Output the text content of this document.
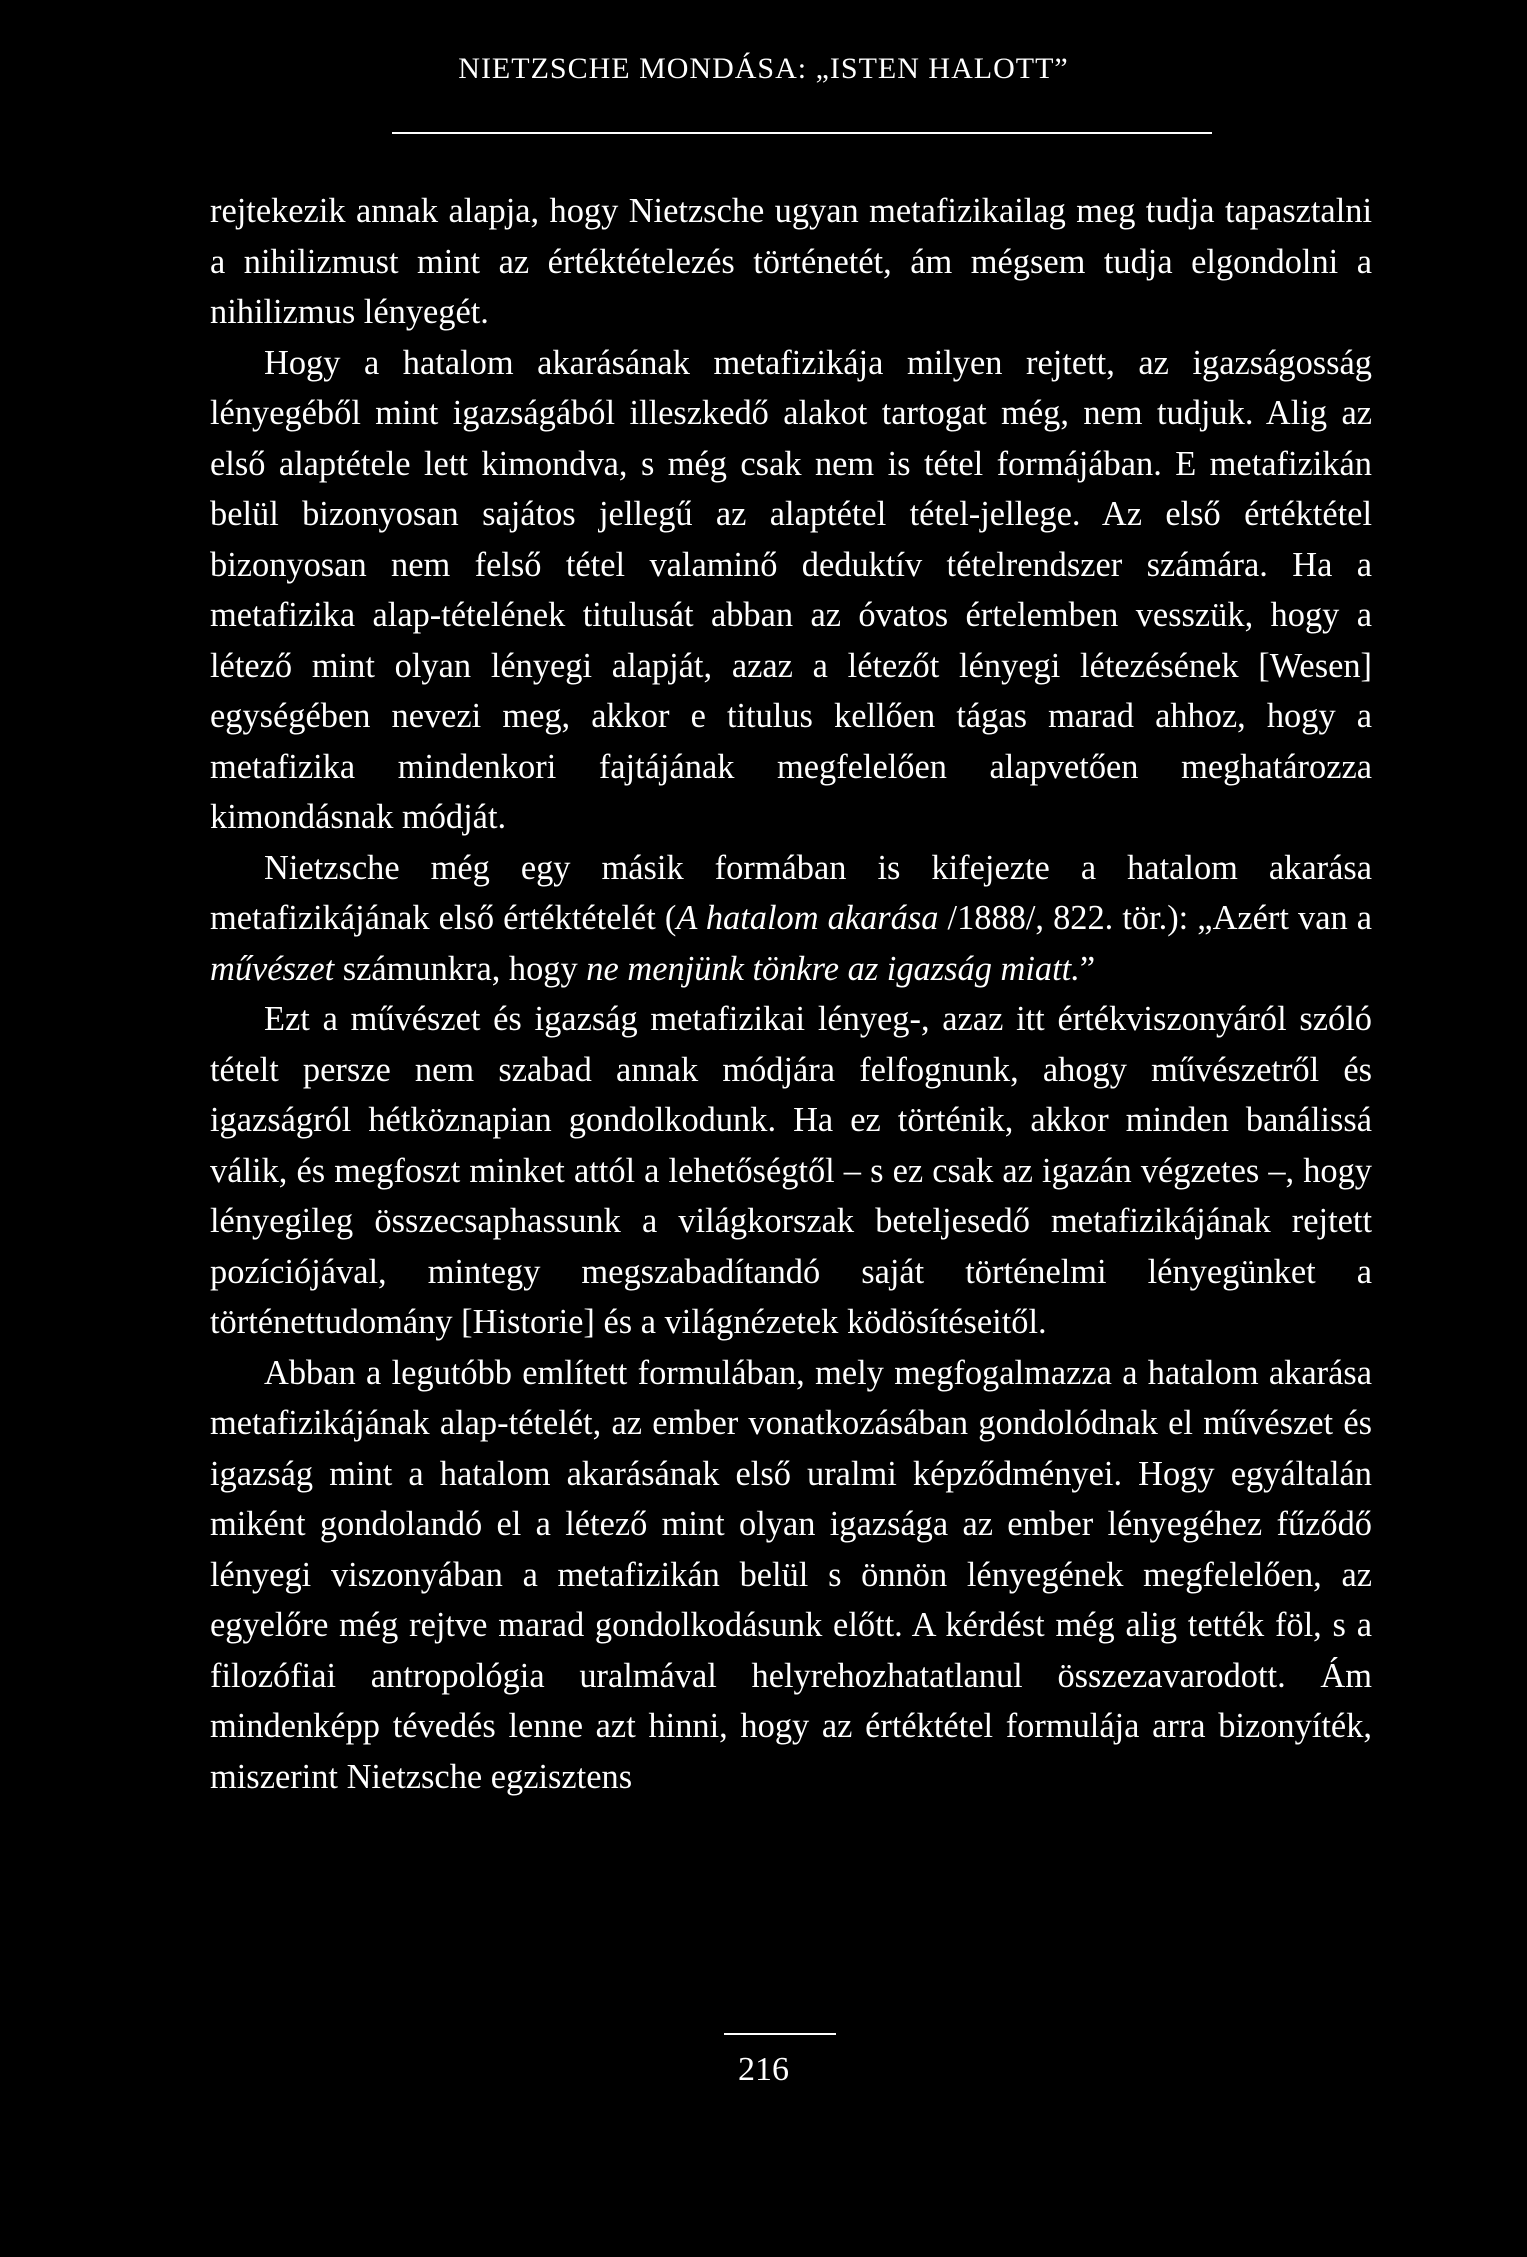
NIETZSCHE MONDÁSA: „ISTEN HALOTT”

rejtekezik annak alapja, hogy Nietzsche ugyan metafizikailag meg tudja tapasztalni a nihilizmust mint az értéktételezés történetét, ám mégsem tudja elgondolni a nihilizmus lényegét.

Hogy a hatalom akarásának metafizikája milyen rejtett, az igazságosság lényegéből mint igazságából illeszkedő alakot tartogat még, nem tudjuk. Alig az első alaptétele lett kimondva, s még csak nem is tétel formájában. E metafizikán belül bizonyosan sajátos jellegű az alaptétel tétel-jellege. Az első értéktétel bizonyosan nem felső tétel valaminő deduktív tételrendszer számára. Ha a metafizika alap-tételének titulusát abban az óvatos értelemben vesszük, hogy a létező mint olyan lényegi alapját, azaz a létezőt lényegi létezésének [Wesen] egységében nevezi meg, akkor e titulus kellően tágas marad ahhoz, hogy a metafizika mindenkori fajtájának megfelelően alapvetően meghatározza kimondásnak módját.

Nietzsche még egy másik formában is kifejezte a hatalom akarása metafizikájának első értéktételét (A hatalom akarása /1888/, 822. tör.): „Azért van a művészet számunkra, hogy ne menjünk tönkre az igazság miatt.”

Ezt a művészet és igazság metafizikai lényeg-, azaz itt értékviszonyáról szóló tételt persze nem szabad annak módjára felfognunk, ahogy művészetről és igazságról hétköznapian gondolkodunk. Ha ez történik, akkor minden banálissá válik, és megfoszt minket attól a lehetőségtől – s ez csak az igazán végzetes –, hogy lényegileg összecsaphassunk a világkorszak beteljesedő metafizikájának rejtett pozíciójával, mintegy megszabadítandó saját történelmi lényegünket a történettudomány [Historie] és a világnézetek ködösítéseitől.

Abban a legutóbb említett formulában, mely megfogalmazza a hatalom akarása metafizikájának alap-tételét, az ember vonatkozásában gondolódnak el művészet és igazság mint a hatalom akarásának első uralmi képződményei. Hogy egyáltalán miként gondolandó el a létező mint olyan igazsága az ember lényegéhez fűződő lényegi viszonyában a metafizikán belül s önnön lényegének megfelelően, az egyelőre még rejtve marad gondolkodásunk előtt. A kérdést még alig tették föl, s a filozófiai antropológia uralmával helyrehozhatatlanul összezavarodott. Ám mindenképp tévedés lenne azt hinni, hogy az értéktétel formulája arra bizonyíték, miszerint Nietzsche egzisztens

216
